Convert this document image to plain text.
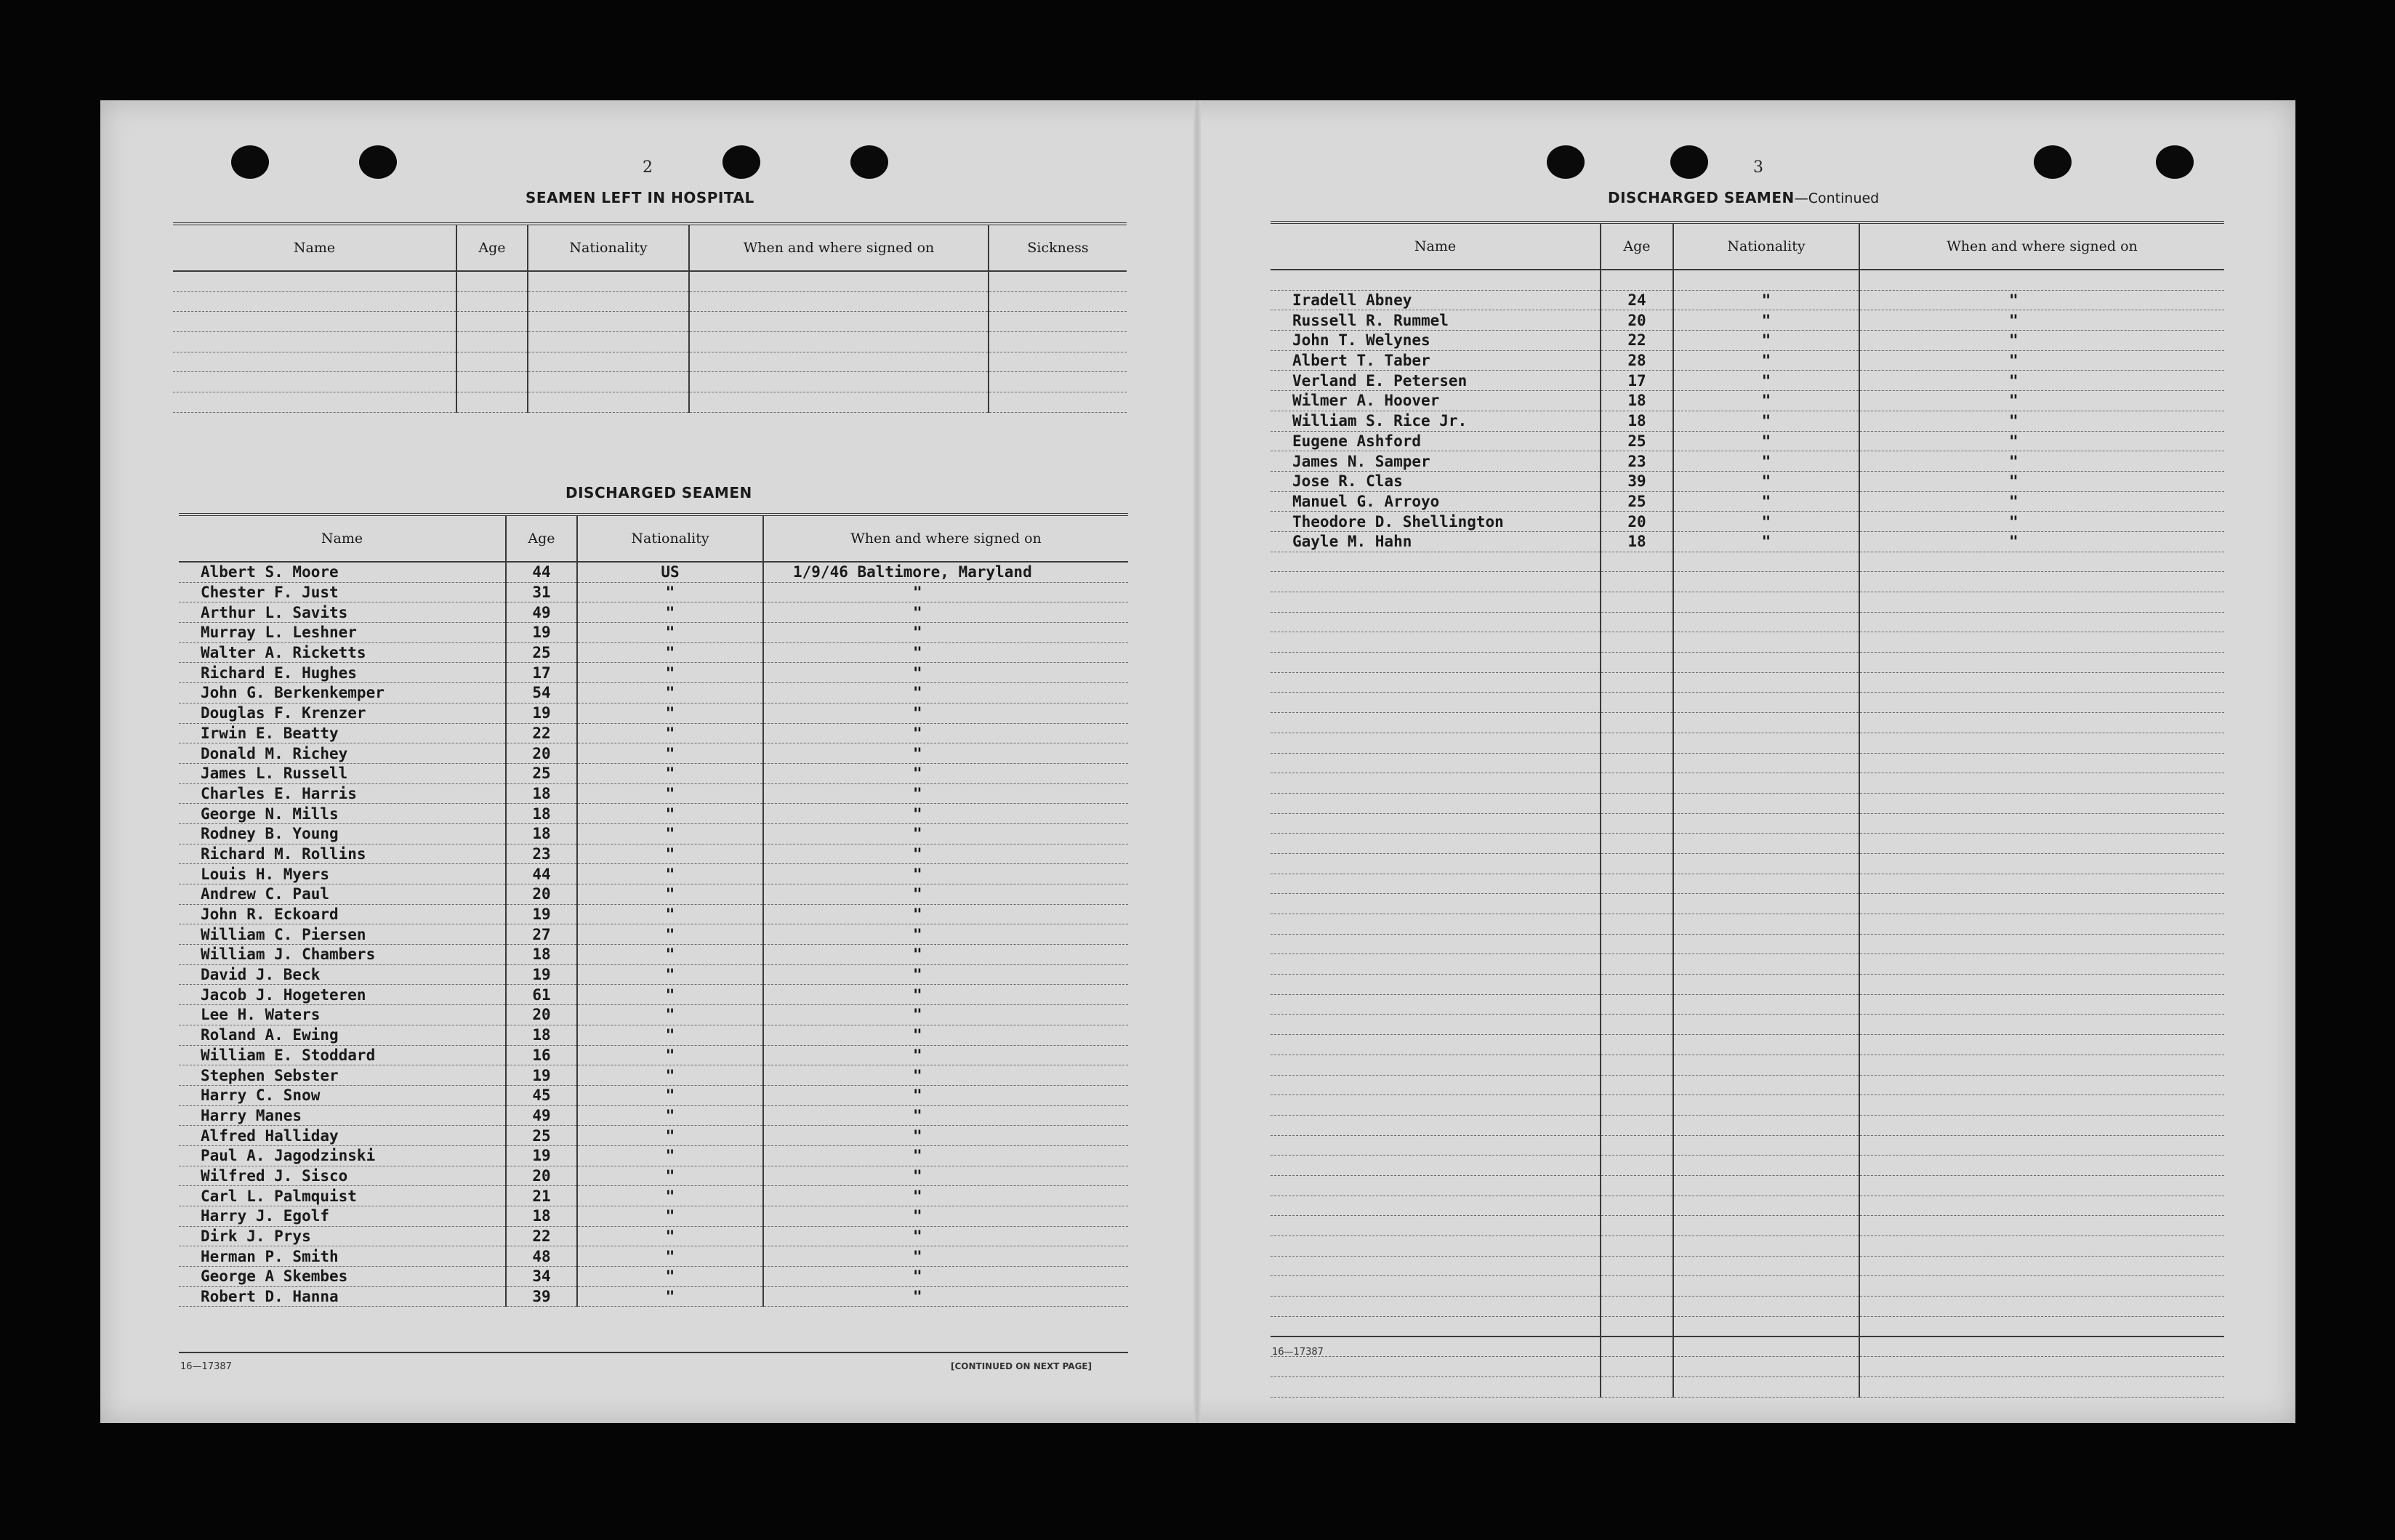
2
SEAMEN LEFT IN HOSPITAL
Name	Age	Nationality	When and where signed on	Sickness

DISCHARGED SEAMEN
Name	Age	Nationality	When and where signed on
Albert S. Moore	44	US	1/9/46 Baltimore, Maryland
Chester F. Just	31	"	"
Arthur L. Savits	49	"	"
Murray L. Leshner	19	"	"
Walter A. Ricketts	25	"	"
Richard E. Hughes	17	"	"
John G. Berkenkemper	54	"	"
Douglas F. Krenzer	19	"	"
Irwin E. Beatty	22	"	"
Donald M. Richey	20	"	"
James L. Russell	25	"	"
Charles E. Harris	18	"	"
George N. Mills	18	"	"
Rodney B. Young	18	"	"
Richard M. Rollins	23	"	"
Louis H. Myers	44	"	"
Andrew C. Paul	20	"	"
John R. Eckoard	19	"	"
William C. Piersen	27	"	"
William J. Chambers	18	"	"
David J. Beck	19	"	"
Jacob J. Hogeteren	61	"	"
Lee H. Waters	20	"	"
Roland A. Ewing	18	"	"
William E. Stoddard	16	"	"
Stephen Sebster	19	"	"
Harry C. Snow	45	"	"
Harry Manes	49	"	"
Alfred Halliday	25	"	"
Paul A. Jagodzinski	19	"	"
Wilfred J. Sisco	20	"	"
Carl L. Palmquist	21	"	"
Harry J. Egolf	18	"	"
Dirk J. Prys	22	"	"
Herman P. Smith	48	"	"
George A Skembes	34	"	"
Robert D. Hanna	39	"	"
16—17387	[CONTINUED ON NEXT PAGE]
3
DISCHARGED SEAMEN—Continued
Name	Age	Nationality	When and where signed on

Iradell Abney	24	"	"
Russell R. Rummel	20	"	"
John T. Welynes	22	"	"
Albert T. Taber	28	"	"
Verland E. Petersen	17	"	"
Wilmer A. Hoover	18	"	"
William S. Rice Jr.	18	"	"
Eugene Ashford	25	"	"
James N. Samper	23	"	"
Jose R. Clas	39	"	"
Manuel G. Arroyo	25	"	"
Theodore D. Shellington	20	"	"
Gayle M. Hahn	18	"	"

16—17387
